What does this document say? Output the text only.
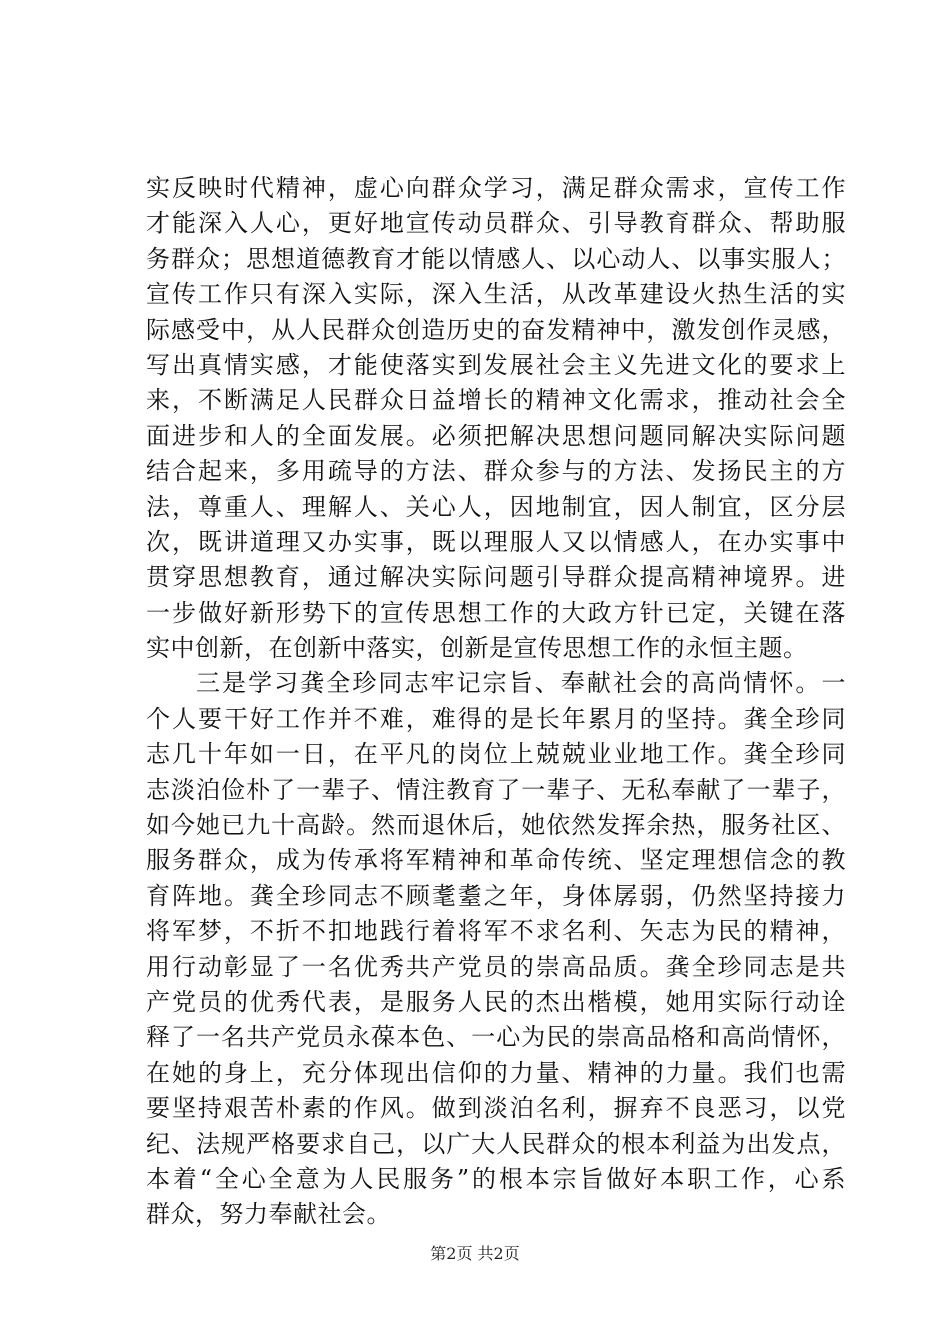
实反映时代精神，虚心向群众学习，满足群众需求，宣传工作
才能深入人心，更好地宣传动员群众、引导教育群众、帮助服
务群众；思想道德教育才能以情感人、以心动人、以事实服人；
宣传工作只有深入实际，深入生活，从改革建设火热生活的实
际感受中，从人民群众创造历史的奋发精神中，激发创作灵感，
写出真情实感，才能使落实到发展社会主义先进文化的要求上
来，不断满足人民群众日益增长的精神文化需求，推动社会全
面进步和人的全面发展。必须把解决思想问题同解决实际问题
结合起来，多用疏导的方法、群众参与的方法、发扬民主的方
法，尊重人、理解人、关心人，因地制宜，因人制宜，区分层
次，既讲道理又办实事，既以理服人又以情感人，在办实事中
贯穿思想教育，通过解决实际问题引导群众提高精神境界。进
一步做好新形势下的宣传思想工作的大政方针已定，关键在落
实中创新，在创新中落实，创新是宣传思想工作的永恒主题。
三是学习龚全珍同志牢记宗旨、奉献社会的高尚情怀。一
个人要干好工作并不难，难得的是长年累月的坚持。龚全珍同
志几十年如一日，在平凡的岗位上兢兢业业地工作。龚全珍同
志淡泊俭朴了一辈子、情注教育了一辈子、无私奉献了一辈子，
如今她已九十高龄。然而退休后，她依然发挥余热，服务社区、
服务群众，成为传承将军精神和革命传统、坚定理想信念的教
育阵地。龚全珍同志不顾耄耋之年，身体孱弱，仍然坚持接力
将军梦，不折不扣地践行着将军不求名利、矢志为民的精神，
用行动彰显了一名优秀共产党员的崇高品质。龚全珍同志是共
产党员的优秀代表，是服务人民的杰出楷模，她用实际行动诠
释了一名共产党员永葆本色、一心为民的崇高品格和高尚情怀，
在她的身上，充分体现出信仰的力量、精神的力量。我们也需
要坚持艰苦朴素的作风。做到淡泊名利，摒弃不良恶习，以党
纪、法规严格要求自己，以广大人民群众的根本利益为出发点，
本着“全心全意为人民服务”的根本宗旨做好本职工作，心系
群众，努力奉献社会。
第2页 共2页
